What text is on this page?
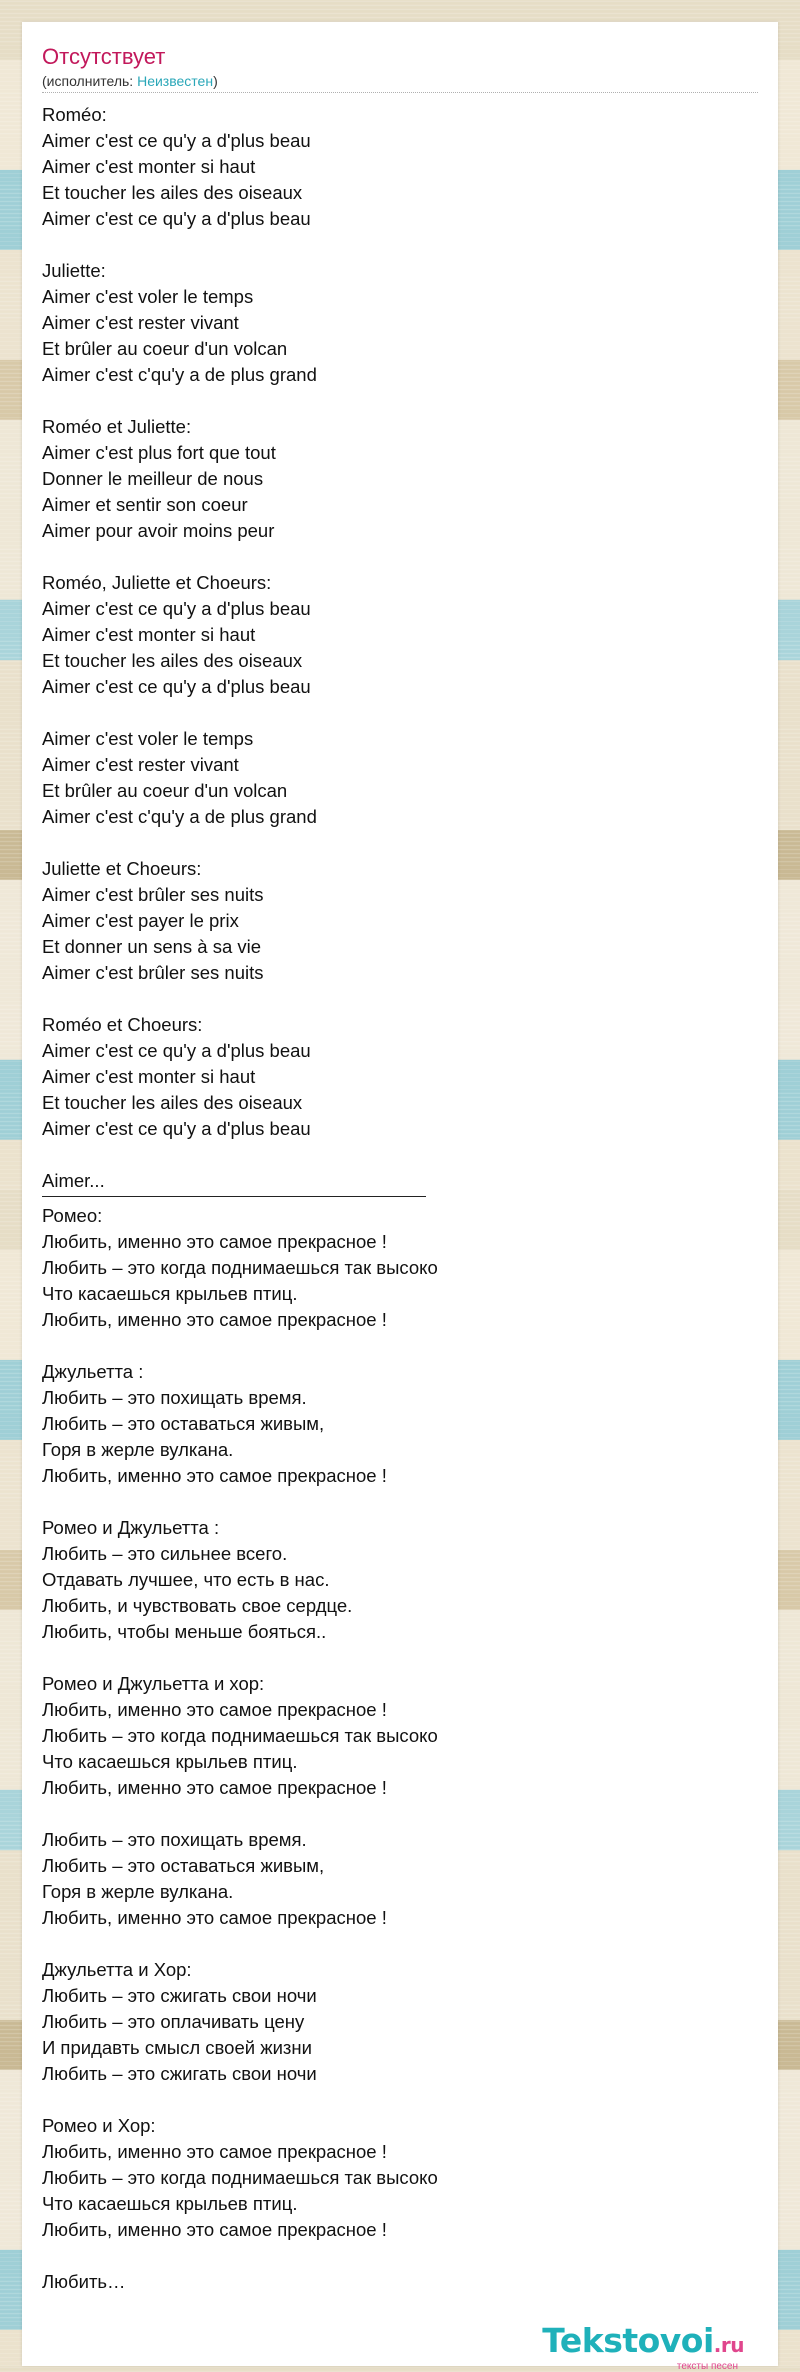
Отсутствует
(исполнитель: Неизвестен)
Roméo:
Aimer c'est ce qu'y a d'plus beau
Aimer c'est monter si haut
Et toucher les ailes des oiseaux
Aimer c'est ce qu'y a d'plus beau
Juliette:
Aimer c'est voler le temps
Aimer c'est rester vivant
Et brûler au coeur d'un volcan
Aimer c'est c'qu'y a de plus grand
Roméo et Juliette:
Aimer c'est plus fort que tout
Donner le meilleur de nous
Aimer et sentir son coeur
Aimer pour avoir moins peur
Roméo, Juliette et Choeurs:
Aimer c'est ce qu'y a d'plus beau
Aimer c'est monter si haut
Et toucher les ailes des oiseaux
Aimer c'est ce qu'y a d'plus beau
Aimer c'est voler le temps
Aimer c'est rester vivant
Et brûler au coeur d'un volcan
Aimer c'est c'qu'y a de plus grand
Juliette et Choeurs:
Aimer c'est brûler ses nuits
Aimer c'est payer le prix
Et donner un sens à sa vie
Aimer c'est brûler ses nuits
Roméo et Choeurs:
Aimer c'est ce qu'y a d'plus beau
Aimer c'est monter si haut
Et toucher les ailes des oiseaux
Aimer c'est ce qu'y a d'plus beau
Aimer...
Ромео:
Любить, именно это самое прекрасное !
Любить – это когда поднимаешься так высоко
Что касаешься крыльев птиц.
Любить, именно это самое прекрасное !
Джульетта :
Любить – это похищать время.
Любить – это оставаться живым,
Горя в жерле вулкана.
Любить, именно это самое прекрасное !
Ромео и Джульетта :
Любить – это сильнее всего.
Отдавать лучшее, что есть в нас.
Любить, и чувствовать свое сердце.
Любить, чтобы меньше бояться..
Ромео и Джульетта и хор:
Любить, именно это самое прекрасное !
Любить – это когда поднимаешься так высоко
Что касаешься крыльев птиц.
Любить, именно это самое прекрасное !
Любить – это похищать время.
Любить – это оставаться живым,
Горя в жерле вулкана.
Любить, именно это самое прекрасное !
Джульетта и Хор:
Любить – это сжигать свои ночи
Любить – это оплачивать цену
И придавть смысл своей жизни
Любить – это сжигать свои ночи
Ромео и Хор:
Любить, именно это самое прекрасное !
Любить – это когда поднимаешься так высоко
Что касаешься крыльев птиц.
Любить, именно это самое прекрасное !
Любить…
Tekstovoi.ru
тексты песен
